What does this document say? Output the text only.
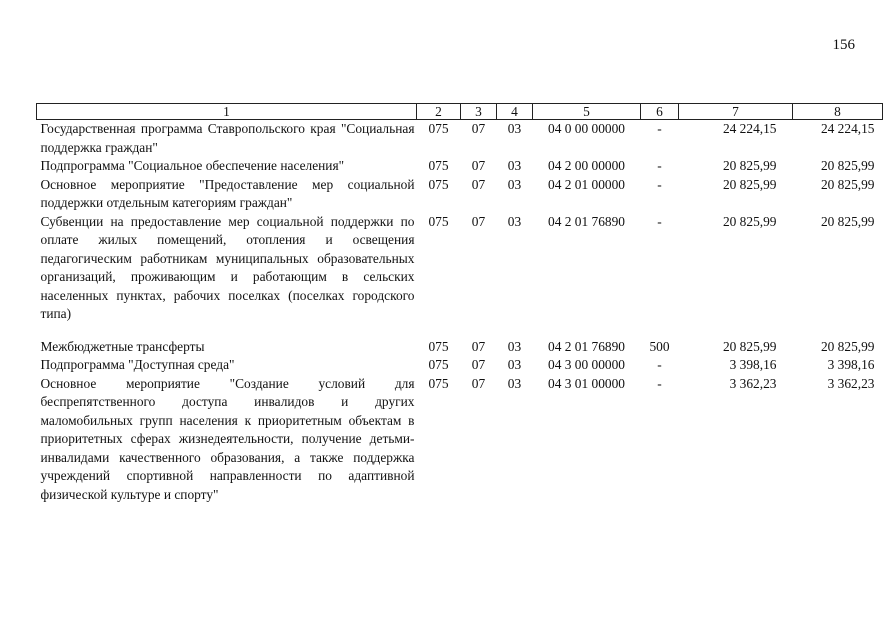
156
1	2	3	4	5	6	7	8
Государственная программа Ставропольского края "Социальная поддержка граждан"	075	07	03	04 0 00 00000	-	24 224,15	24 224,15
Подпрограмма "Социальное обеспечение населения"	075	07	03	04 2 00 00000	-	20 825,99	20 825,99
Основное мероприятие "Предоставление мер социальной поддержки отдельным категориям граждан"	075	07	03	04 2 01 00000	-	20 825,99	20 825,99
Субвенции на предоставление мер социальной поддержки по оплате жилых помещений, отопления и освещения педагогическим работникам муниципальных образовательных организаций, проживающим и работающим в сельских населенных пунктах, рабочих поселках (поселках городского типа)	075	07	03	04 2 01 76890	-	20 825,99	20 825,99

Межбюджетные трансферты	075	07	03	04 2 01 76890	500	20 825,99	20 825,99
Подпрограмма "Доступная среда"	075	07	03	04 3 00 00000	-	3 398,16	3 398,16
Основное мероприятие "Создание условий для беспрепятственного доступа инвалидов и других маломобильных групп населения к приоритетным объектам в приоритетных сферах жизнедеятельности, получение детьми-инвалидами качественного образования, а также поддержка учреждений спортивной направленности по адаптивной физической культуре и спорту"	075	07	03	04 3 01 00000	-	3 362,23	3 362,23
